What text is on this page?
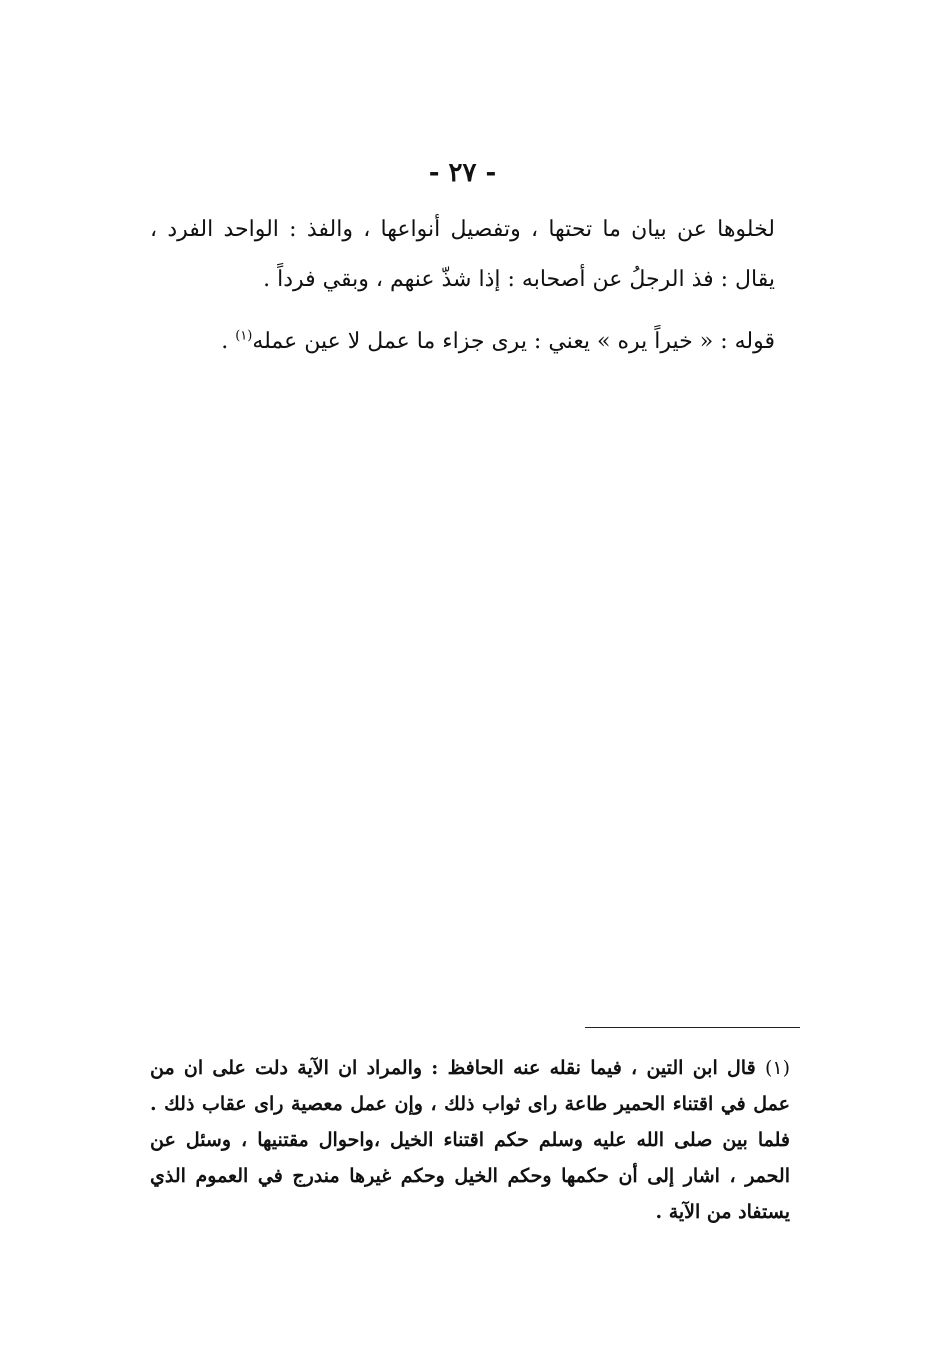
- ٢٧ -

لخلوها عن بيان ما تحتها ، وتفصيل أنواعها ، والفذ : الواحد الفرد ، يقال : فذ الرجلُ عن أصحابه : إذا شذّ عنهم ، وبقي فرداً .

قوله : « خيراً يره » يعني : يرى جزاء ما عمل لا عين عمله$^{(١)}$ .

(١) قال ابن التين ، فيما نقله عنه الحافظ : والمراد ان الآية دلت على ان من عمل في اقتناء الحمير طاعة راى ثواب ذلك ، وإن عمل معصية راى عقاب ذلك . فلما بين صلى الله عليه وسلم حكم اقتناء الخيل ،واحوال مقتنيها ، وسئل عن الحمر ، اشار إلى أن حكمها وحكم الخيل وحكم غيرها مندرج في العموم الذي يستفاد من الآية .
